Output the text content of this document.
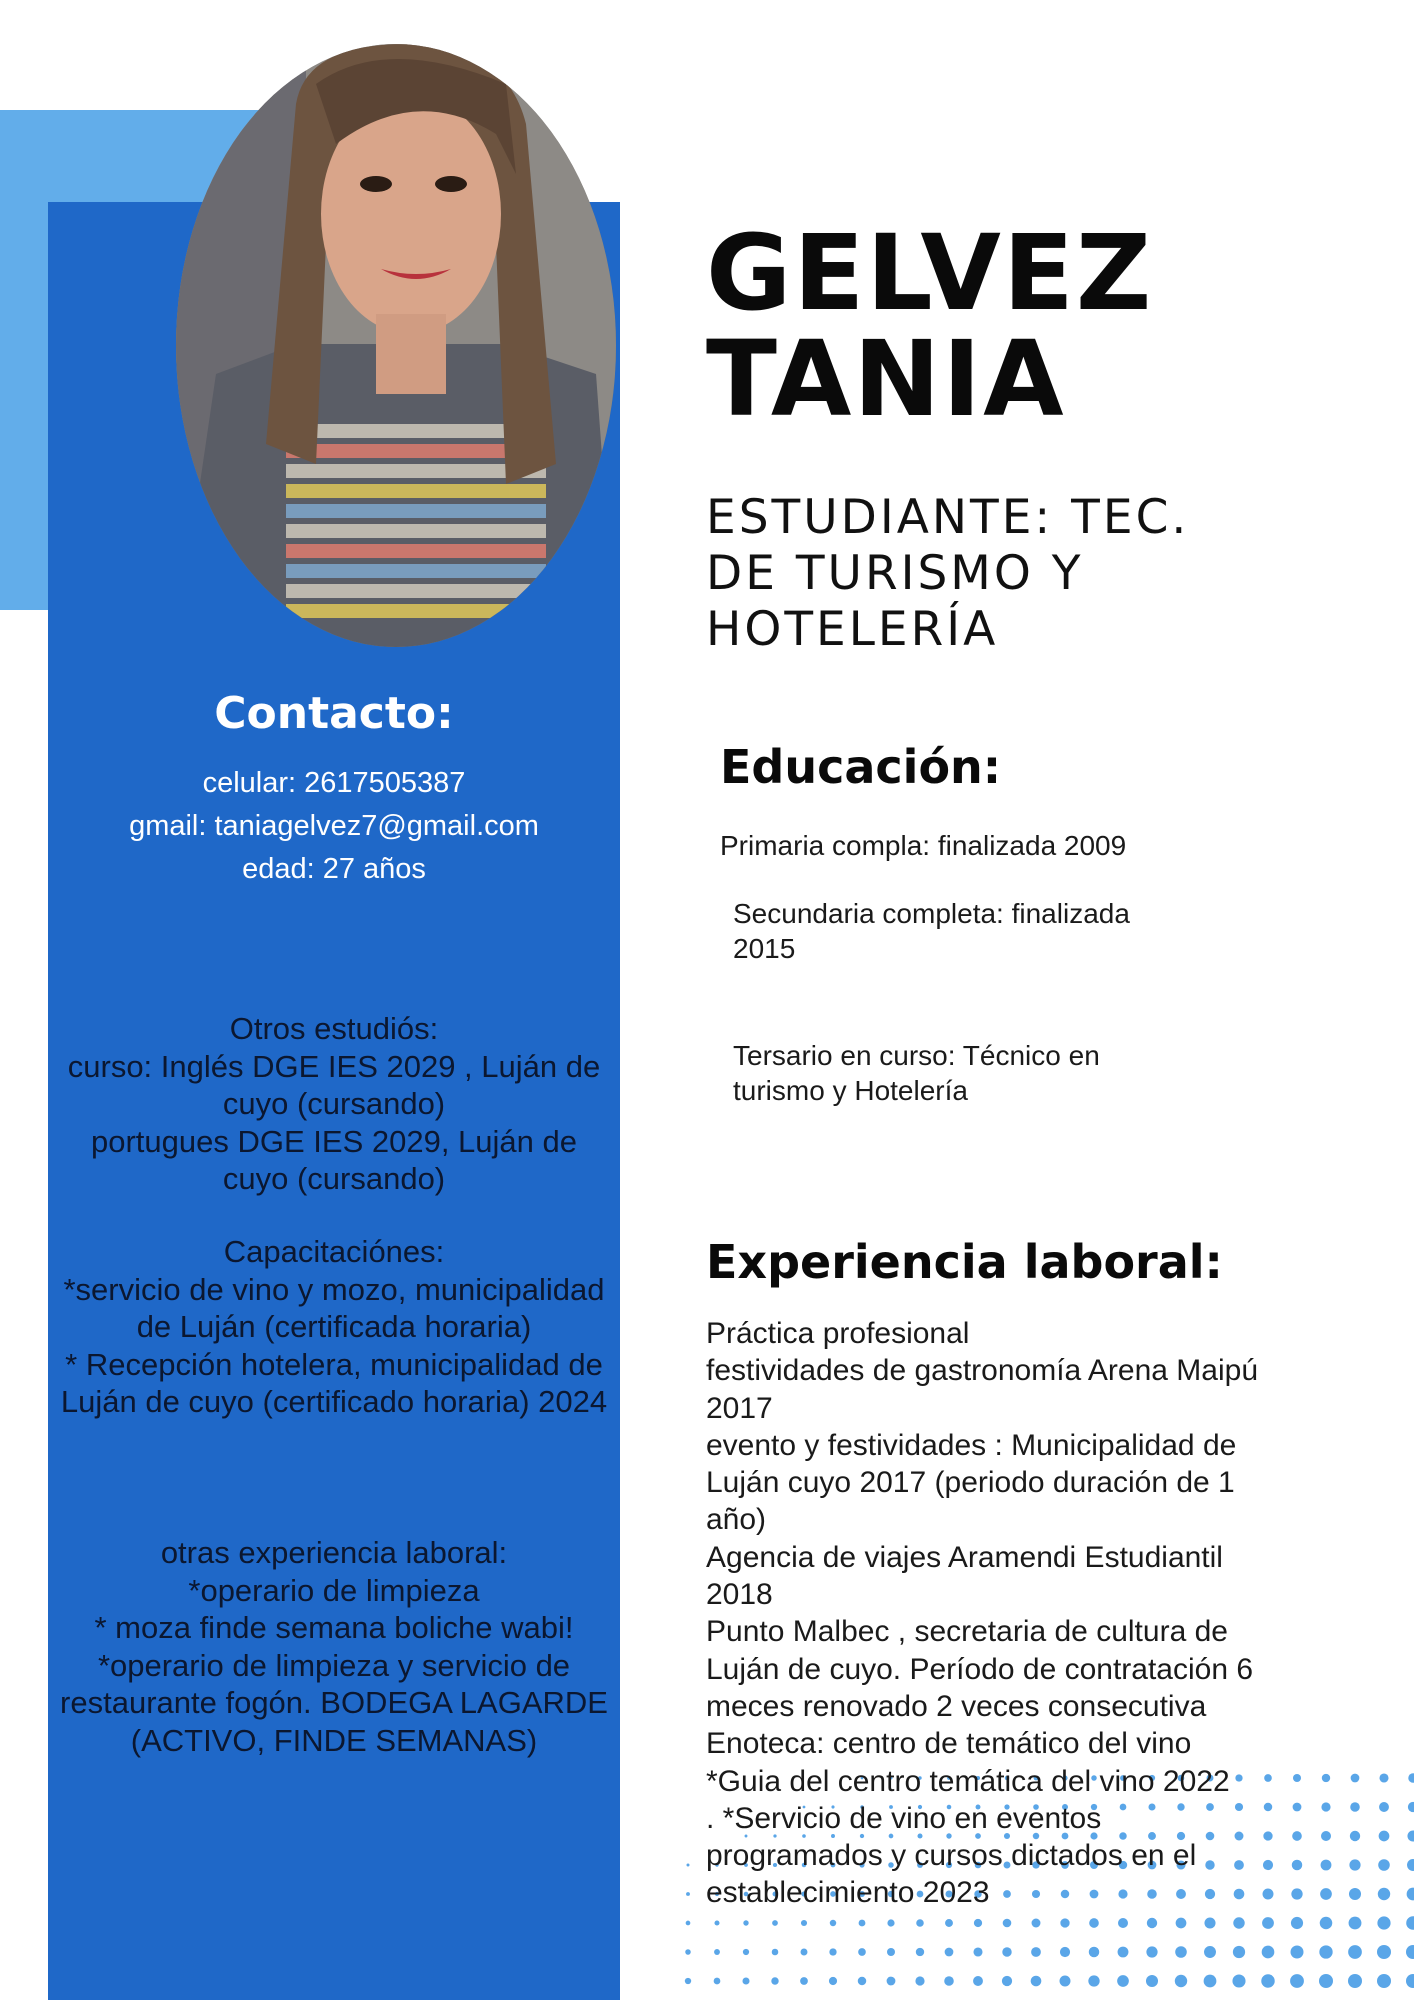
Contacto:
celular: 2617505387
gmail: taniagelvez7@gmail.com
edad: 27 años
Otros estudiós:
curso: Inglés DGE IES 2029 , Luján de cuyo (cursando)
portugues DGE IES 2029, Luján de cuyo (cursando)
Capacitaciónes:
*servicio de vino y mozo, municipalidad de Luján (certificada horaria)
* Recepción hotelera, municipalidad de Luján de cuyo (certificado horaria) 2024
otras experiencia laboral:
*operario de limpieza
* moza finde semana boliche wabi!
*operario de limpieza y servicio de restaurante fogón. BODEGA LAGARDE (ACTIVO, FINDE SEMANAS)
GELVEZ
TANIA
ESTUDIANTE: TEC.
DE TURISMO Y
HOTELERÍA
Educación:
Primaria compla: finalizada 2009
Secundaria completa: finalizada
2015
Tersario en curso: Técnico en
turismo y Hotelería
Experiencia laboral:
Práctica profesional
festividades de gastronomía Arena Maipú
2017
evento y festividades : Municipalidad de
Luján cuyo 2017 (periodo duración de 1
año)
Agencia de viajes Aramendi Estudiantil
2018
Punto Malbec , secretaria de cultura de
Luján de cuyo. Período de contratación 6
meces renovado 2 veces consecutiva
Enoteca: centro de temático del vino
*Guia del centro temática del vino 2022
. *Servicio de vino en eventos
programados y cursos dictados en el
establecimiento 2023
